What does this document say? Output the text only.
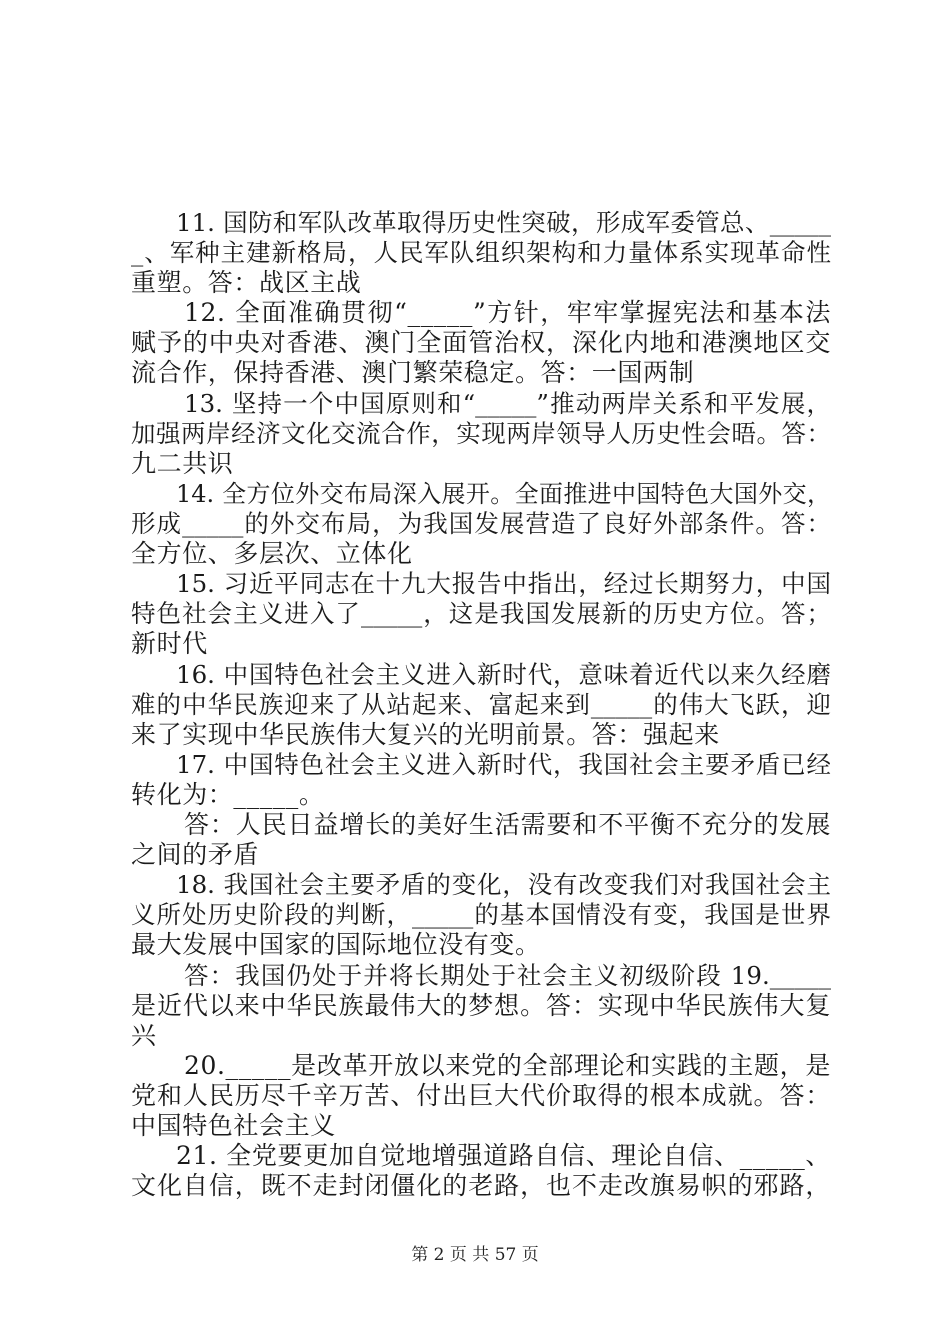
11. 国防和军队改革取得历史性突破，形成军委管总、_____
_、军种主建新格局，人民军队组织架构和力量体系实现革命性
重塑。答：战区主战
12. 全面准确贯彻“_____”方针，牢牢掌握宪法和基本法
赋予的中央对香港、澳门全面管治权，深化内地和港澳地区交
流合作，保持香港、澳门繁荣稳定。答：一国两制
13. 坚持一个中国原则和“_____”推动两岸关系和平发展，
加强两岸经济文化交流合作，实现两岸领导人历史性会晤。答：
九二共识
14. 全方位外交布局深入展开。全面推进中国特色大国外交，
形成_____的外交布局，为我国发展营造了良好外部条件。答：
全方位、多层次、立体化
15. 习近平同志在十九大报告中指出，经过长期努力，中国
特色社会主义进入了_____，这是我国发展新的历史方位。答；
新时代
16. 中国特色社会主义进入新时代，意味着近代以来久经磨
难的中华民族迎来了从站起来、富起来到_____的伟大飞跃，迎
来了实现中华民族伟大复兴的光明前景。答：强起来
17. 中国特色社会主义进入新时代，我国社会主要矛盾已经
转化为：_____。
答：人民日益增长的美好生活需要和不平衡不充分的发展
之间的矛盾
18. 我国社会主要矛盾的变化，没有改变我们对我国社会主
义所处历史阶段的判断，_____的基本国情没有变，我国是世界
最大发展中国家的国际地位没有变。
答：我国仍处于并将长期处于社会主义初级阶段 19._____
是近代以来中华民族最伟大的梦想。答：实现中华民族伟大复
兴
20._____是改革开放以来党的全部理论和实践的主题，是
党和人民历尽千辛万苦、付出巨大代价取得的根本成就。答：
中国特色社会主义
21. 全党要更加自觉地增强道路自信、理论自信、_____、
文化自信，既不走封闭僵化的老路，也不走改旗易帜的邪路，
第 2 页 共 57 页
